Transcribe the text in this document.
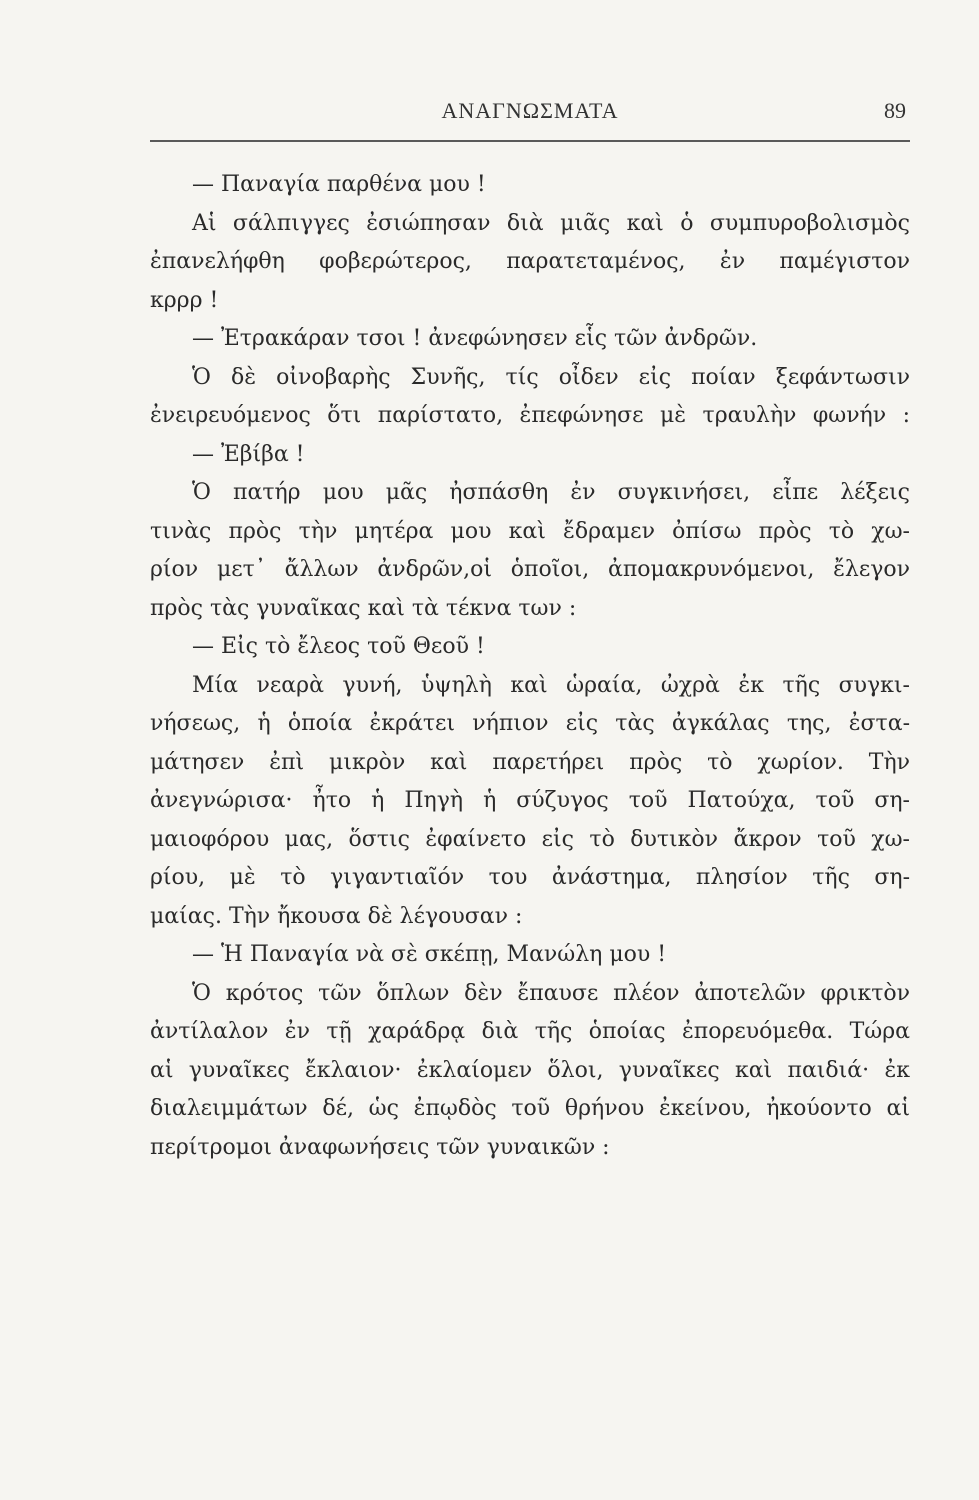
ΑΝΑΓΝΩΣΜΑΤΑ	89
— Παναγία παρθένα μου !
Αἱ σάλπιγγες ἐσιώπησαν διὰ μιᾶς καὶ ὁ συμπυροβολισμὸς
ἐπανελήφθη φοβερώτερος, παρατεταμένος, ἐν παμέγιστον
κρρρ !
— Ἐτρακάραν τσοι ! ἀνεφώνησεν εἷς τῶν ἀνδρῶν.
Ὁ δὲ οἰνοβαρὴς Συνῆς, τίς οἶδεν εἰς ποίαν ξεφάντωσιν
ἐνειρευόμενος ὅτι παρίστατο, ἐπεφώνησε μὲ τραυλὴν φωνήν :
— Ἐβίβα !
Ὁ πατήρ μου μᾶς ἠσπάσθη ἐν συγκινήσει, εἶπε λέξεις
τινὰς πρὸς τὴν μητέρα μου καὶ ἔδραμεν ὀπίσω πρὸς τὸ χω-
ρίον μετ᾽ ἄλλων ἀνδρῶν,οἱ ὁποῖοι, ἀπομακρυνόμενοι, ἔλεγον
πρὸς τὰς γυναῖκας καὶ τὰ τέκνα των :
— Εἰς τὸ ἔλεος τοῦ Θεοῦ !
Μία νεαρὰ γυνή, ὑψηλὴ καὶ ὡραία, ὠχρὰ ἐκ τῆς συγκι-
νήσεως, ἡ ὁποία ἐκράτει νήπιον εἰς τὰς ἀγκάλας της, ἐστα-
μάτησεν ἐπὶ μικρὸν καὶ παρετήρει πρὸς τὸ χωρίον. Τὴν
ἀνεγνώρισα· ἦτο ἡ Πηγὴ ἡ σύζυγος τοῦ Πατούχα, τοῦ ση-
μαιοφόρου μας, ὅστις ἐφαίνετο εἰς τὸ δυτικὸν ἄκρον τοῦ χω-
ρίου, μὲ τὸ γιγαντιαῖόν του ἀνάστημα, πλησίον τῆς ση-
μαίας. Τὴν ἤκουσα δὲ λέγουσαν :
— Ἡ Παναγία νὰ σὲ σκέπῃ, Μανώλη μου !
Ὁ κρότος τῶν ὅπλων δὲν ἔπαυσε πλέον ἀποτελῶν φρικτὸν
ἀντίλαλον ἐν τῇ χαράδρᾳ διὰ τῆς ὁποίας ἐπορευόμεθα. Τώρα
αἱ γυναῖκες ἔκλαιον· ἐκλαίομεν ὅλοι, γυναῖκες καὶ παιδιά· ἐκ
διαλειμμάτων δέ, ὡς ἐπῳδὸς τοῦ θρήνου ἐκείνου, ἠκούοντο αἱ
περίτρομοι ἀναφωνήσεις τῶν γυναικῶν :
